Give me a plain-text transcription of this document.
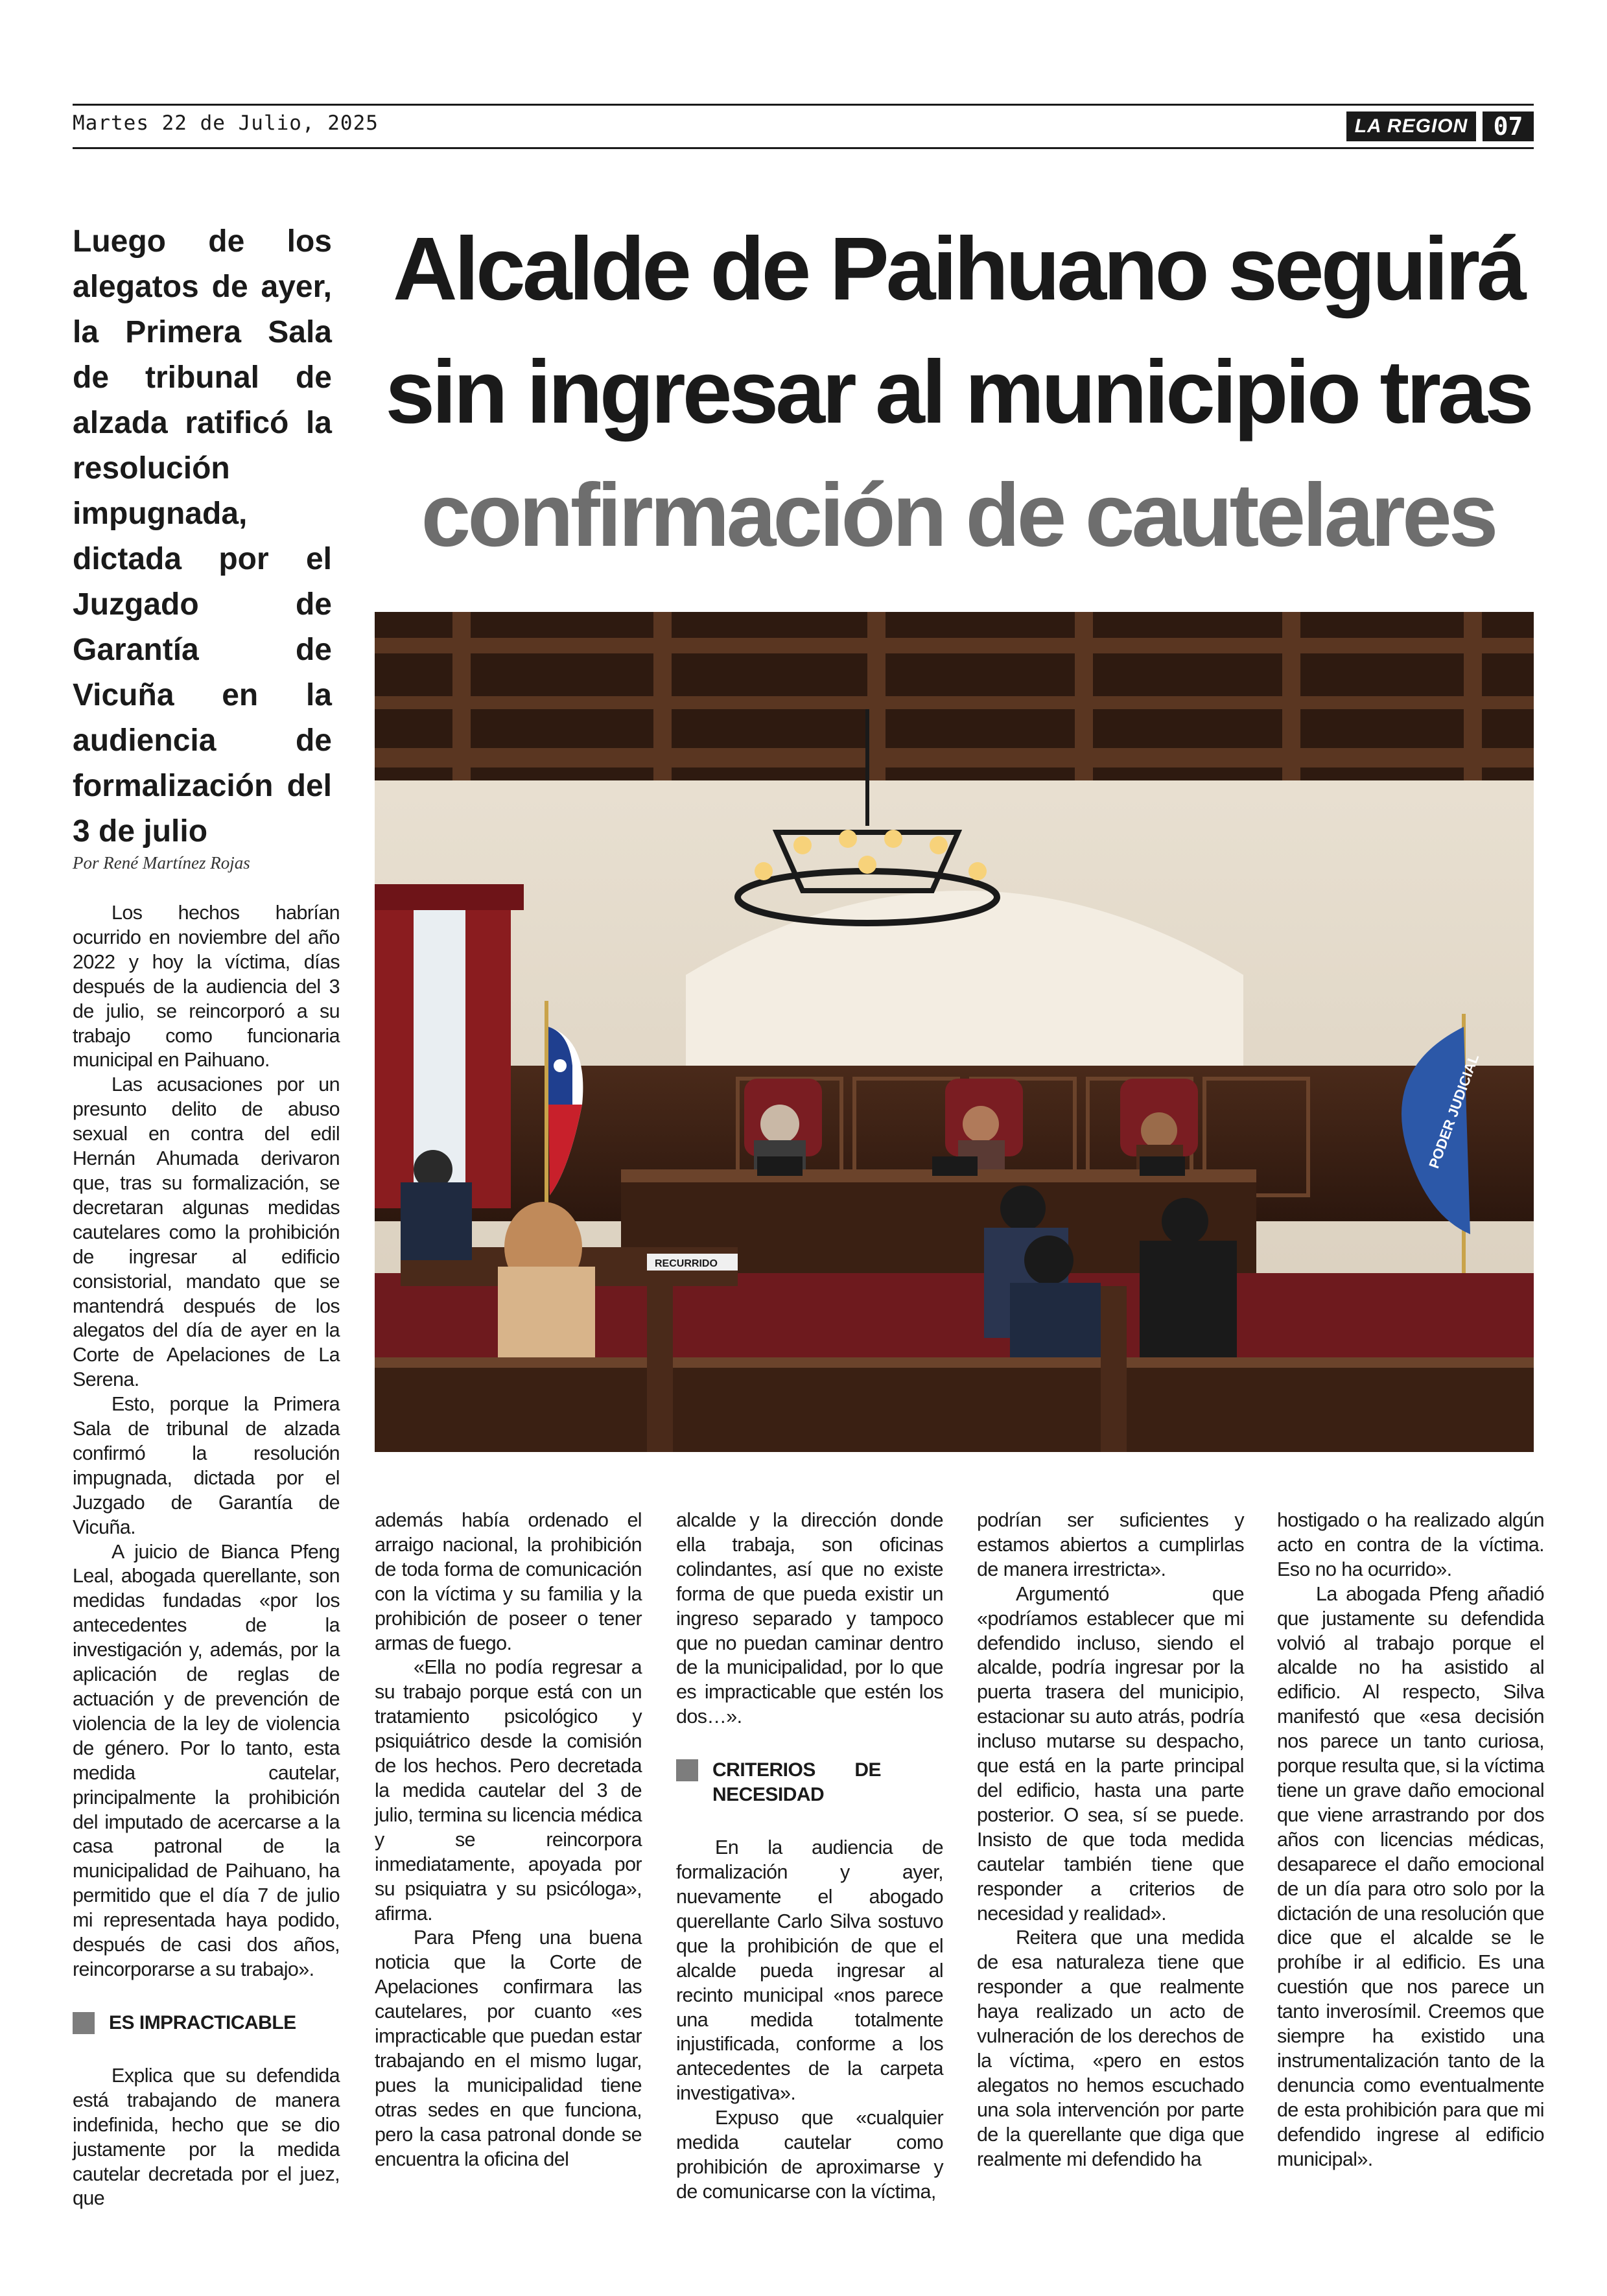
Martes 22 de Julio, 2025	LA REGION	07
Luego de los alegatos de ayer, la Primera Sala de tribunal de alzada ratificó la resolución impugnada, dictada por el Juzgado de Garantía de Vicuña en la audiencia de formalización del 3 de julio
Alcalde de Paihuano seguirá
sin ingresar al municipio tras
confirmación de cautelares
PODER JUDICIAL
RECURRIDO
Por René Martínez Rojas

Los hechos habrían ocurrido en noviembre del año 2022 y hoy la víctima, días después de la audiencia del 3 de julio, se reincorporó a su trabajo como funcionaria municipal en Paihuano.

Las acusaciones por un presunto delito de abuso sexual en contra del edil Hernán Ahumada derivaron que, tras su formalización, se decretaran algunas medidas cautelares como la prohibición de ingresar al edificio consistorial, mandato que se mantendrá después de los alegatos del día de ayer en la Corte de Apelaciones de La Serena.

Esto, porque la Primera Sala de tribunal de alzada confirmó la resolución impugnada, dictada por el Juzgado de Garantía de Vicuña.

A juicio de Bianca Pfeng Leal, abogada querellante, son medidas fundadas «por los antecedentes de la investigación y, además, por la aplicación de reglas de actuación y de prevención de violencia de la ley de violencia de género. Por lo tanto, esta medida cautelar, principalmente la prohibición del imputado de acercarse a la casa patronal de la municipalidad de Paihuano, ha permitido que el día 7 de julio mi representada haya podido, después de casi dos años, reincorporarse a su trabajo».

ES IMPRACTICABLE

Explica que su defendida está trabajando de manera indefinida, hecho que se dio justamente por la medida cautelar decretada por el juez, que

además había ordenado el arraigo nacional, la prohibición de toda forma de comunicación con la víctima y su familia y la prohibición de poseer o tener armas de fuego.

«Ella no podía regresar a su trabajo porque está con un tratamiento psicológico y psiquiátrico desde la comisión de los hechos. Pero decretada la medida cautelar del 3 de julio, termina su licencia médica y se reincorpora inmediatamente, apoyada por su psiquiatra y su psicóloga», afirma.

Para Pfeng una buena noticia que la Corte de Apelaciones confirmara las cautelares, por cuanto «es impracticable que puedan estar trabajando en el mismo lugar, pues la municipalidad tiene otras sedes en que funciona, pero la casa patronal donde se encuentra la oficina del

alcalde y la dirección donde ella trabaja, son oficinas colindantes, así que no existe forma de que pueda existir un ingreso separado y tampoco que no puedan caminar dentro de la municipalidad, por lo que es impracticable que estén los dos…».

CRITERIOS DE NECESIDAD

En la audiencia de formalización y ayer, nuevamente el abogado querellante Carlo Silva sostuvo que la prohibición de que el alcalde pueda ingresar al recinto municipal «nos parece una medida totalmente injustificada, conforme a los antecedentes de la carpeta investigativa».

Expuso que «cualquier medida cautelar como prohibición de aproximarse y de comunicarse con la víctima,

podrían ser suficientes y estamos abiertos a cumplirlas de manera irrestricta».

Argumentó que «podríamos establecer que mi defendido incluso, siendo el alcalde, podría ingresar por la puerta trasera del municipio, estacionar su auto atrás, podría incluso mutarse su despacho, que está en la parte principal del edificio, hasta una parte posterior. O sea, sí se puede. Insisto de que toda medida cautelar también tiene que responder a criterios de necesidad y realidad».

Reitera que una medida de esa naturaleza tiene que responder a que realmente haya realizado un acto de vulneración de los derechos de la víctima, «pero en estos alegatos no hemos escuchado una sola intervención por parte de la querellante que diga que realmente mi defendido ha

hostigado o ha realizado algún acto en contra de la víctima. Eso no ha ocurrido».

La abogada Pfeng añadió que justamente su defendida volvió al trabajo porque el alcalde no ha asistido al edificio. Al respecto, Silva manifestó que «esa decisión nos parece un tanto curiosa, porque resulta que, si la víctima tiene un grave daño emocional que viene arrastrando por dos años con licencias médicas, desaparece el daño emocional de un día para otro solo por la dictación de una resolución que dice que el alcalde se le prohíbe ir al edificio. Es una cuestión que nos parece un tanto inverosímil. Creemos que siempre ha existido una instrumentalización tanto de la denuncia como eventualmente de esta prohibición para que mi defendido ingrese al edificio municipal».
